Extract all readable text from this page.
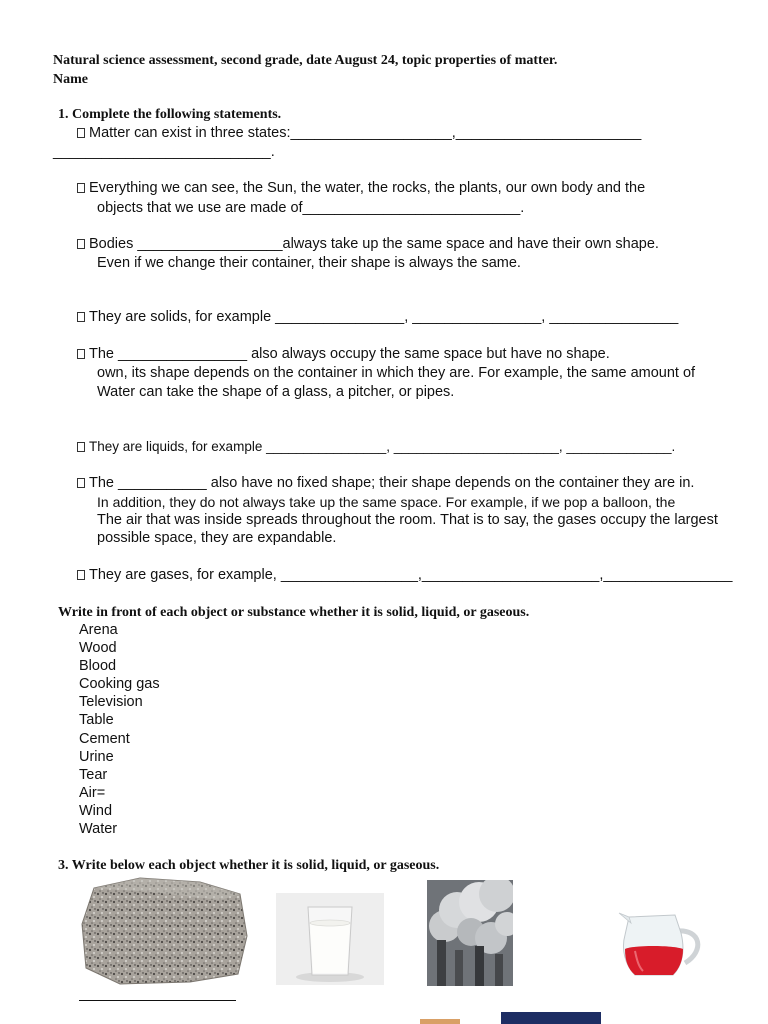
Natural science assessment, second grade, date August 24, topic properties of matter.
Name
1. Complete the following statements.
Matter can exist in three states:____________________,_______________________
___________________________.
Everything we can see, the Sun, the water, the rocks, the plants, our own body and the
objects that we use are made of___________________________.
Bodies __________________always take up the same space and have their own shape.
Even if we change their container, their shape is always the same.
They are solids, for example ________________, ________________, ________________
The ________________ also always occupy the same space but have no shape.
own, its shape depends on the container in which they are. For example, the same amount of
Water can take the shape of a glass, a pitcher, or pipes.
They are liquids, for example ________________, ______________________, ______________.
The ___________ also have no fixed shape; their shape depends on the container they are in.
In addition, they do not always take up the same space. For example, if we pop a balloon, the
The air that was inside spreads throughout the room. That is to say, the gases occupy the largest
possible space, they are expandable.
They are gases, for example, _________________,______________________,________________
Write in front of each object or substance whether it is solid, liquid, or gaseous.
Arena
Wood
Blood
Cooking gas
Television
Table
Cement
Urine
Tear
Air=
Wind
Water
3. Write below each object whether it is solid, liquid, or gaseous.
